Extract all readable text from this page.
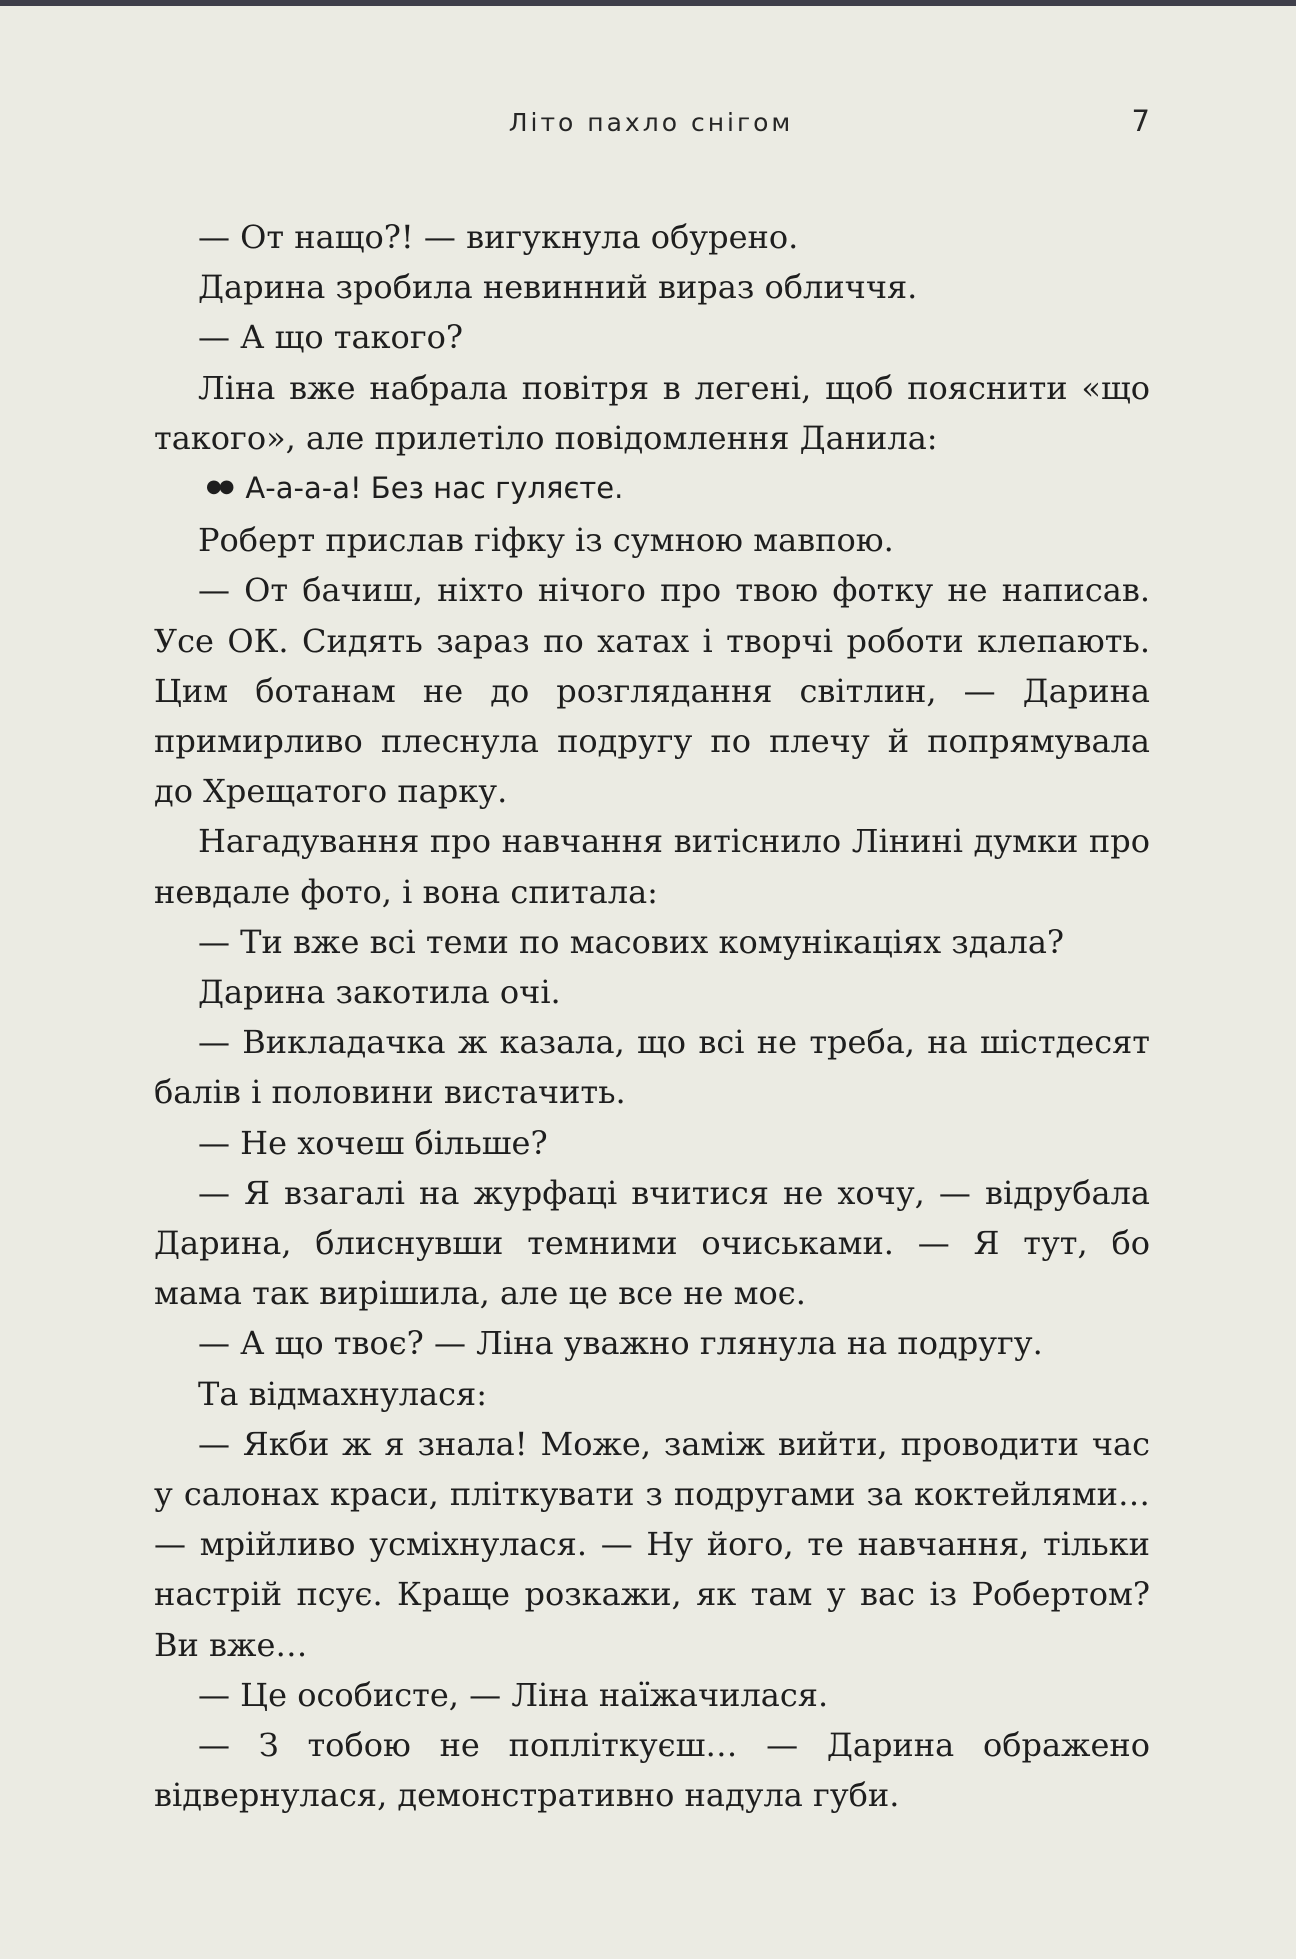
Літо пахло снігом	7

— От нащо?! — вигукнула обурено.

Дарина зробила невинний вираз обличчя.

— А що такого?

Ліна вже набрала повітря в легені, щоб пояснити «що такого», але прилетіло повідомлення Данила:

●● А-а-а-а! Без нас гуляєте.

Роберт прислав гіфку із сумною мавпою.

— От бачиш, ніхто нічого про твою фотку не написав. Усе ОК. Сидять зараз по хатах і творчі роботи клепають. Цим ботанам не до розглядання світлин, — Дарина примирливо плеснула подругу по плечу й попрямувала до Хрещатого парку.

Нагадування про навчання витіснило Лінині думки про невдале фото, і вона спитала:

— Ти вже всі теми по масових комунікаціях здала?

Дарина закотила очі.

— Викладачка ж казала, що всі не треба, на шістдесят балів і половини вистачить.

— Не хочеш більше?

— Я взагалі на журфаці вчитися не хочу, — відрубала Дарина, блиснувши темними очиськами. — Я тут, бо мама так вирішила, але це все не моє.

— А що твоє? — Ліна уважно глянула на подругу.

Та відмахнулася:

— Якби ж я знала! Може, заміж вийти, проводити час у салонах краси, пліткувати з подругами за коктейлями… — мрійливо усміхнулася. — Ну його, те навчання, тільки настрій псує. Краще розкажи, як там у вас із Робертом? Ви вже…

— Це особисте, — Ліна наїжачилася.

— З тобою не попліткуєш… — Дарина ображено відвернулася, демонстративно надула губи.
